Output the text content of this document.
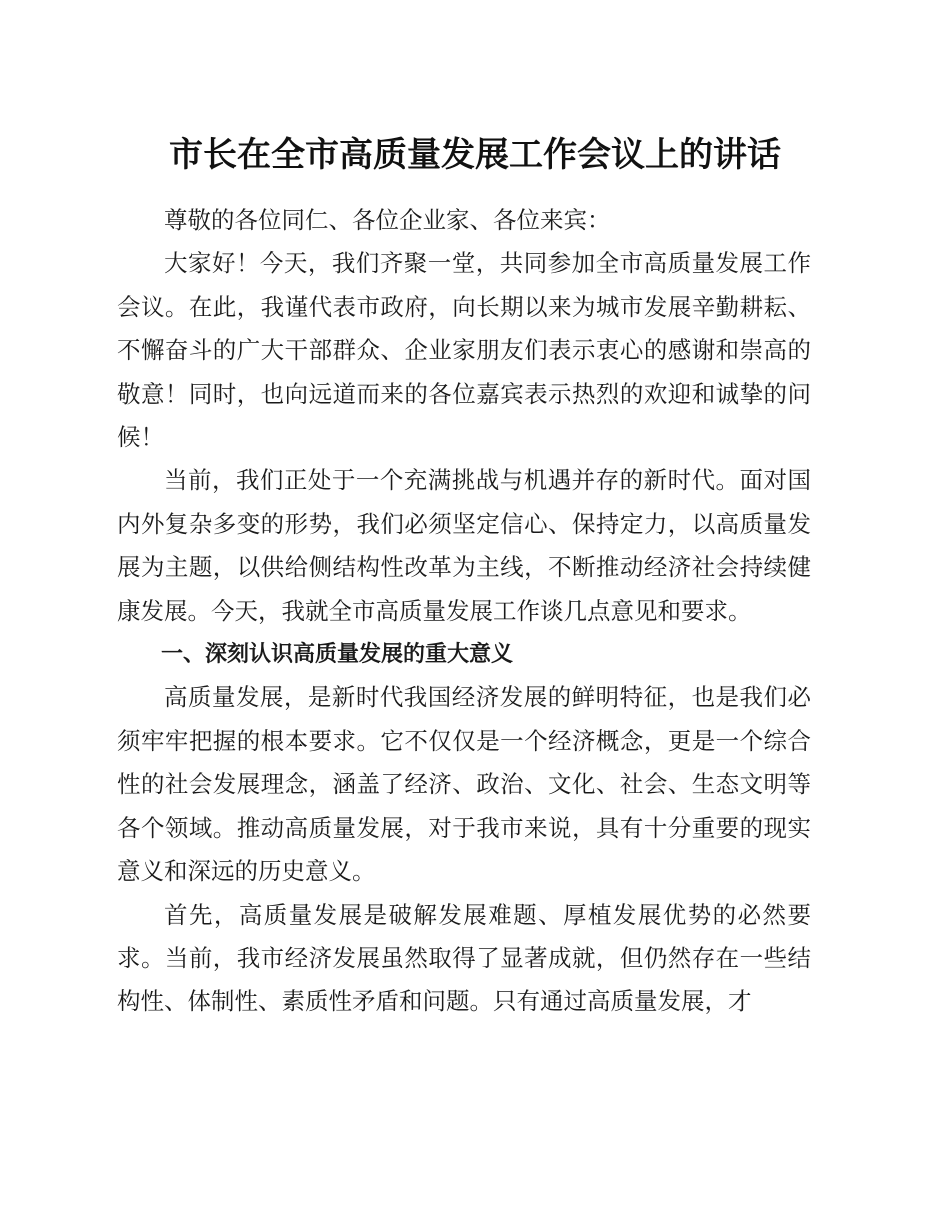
市长在全市高质量发展工作会议上的讲话

尊敬的各位同仁、各位企业家、各位来宾：

大家好！今天，我们齐聚一堂，共同参加全市高质量发展工作会议。在此，我谨代表市政府，向长期以来为城市发展辛勤耕耘、不懈奋斗的广大干部群众、企业家朋友们表示衷心的感谢和崇高的敬意！同时，也向远道而来的各位嘉宾表示热烈的欢迎和诚挚的问候！

当前，我们正处于一个充满挑战与机遇并存的新时代。面对国内外复杂多变的形势，我们必须坚定信心、保持定力，以高质量发展为主题，以供给侧结构性改革为主线，不断推动经济社会持续健康发展。今天，我就全市高质量发展工作谈几点意见和要求。

一、深刻认识高质量发展的重大意义

高质量发展，是新时代我国经济发展的鲜明特征，也是我们必须牢牢把握的根本要求。它不仅仅是一个经济概念，更是一个综合性的社会发展理念，涵盖了经济、政治、文化、社会、生态文明等各个领域。推动高质量发展，对于我市来说，具有十分重要的现实意义和深远的历史意义。

首先，高质量发展是破解发展难题、厚植发展优势的必然要求。当前，我市经济发展虽然取得了显著成就，但仍然存在一些结构性、体制性、素质性矛盾和问题。只有通过高质量发展，才
